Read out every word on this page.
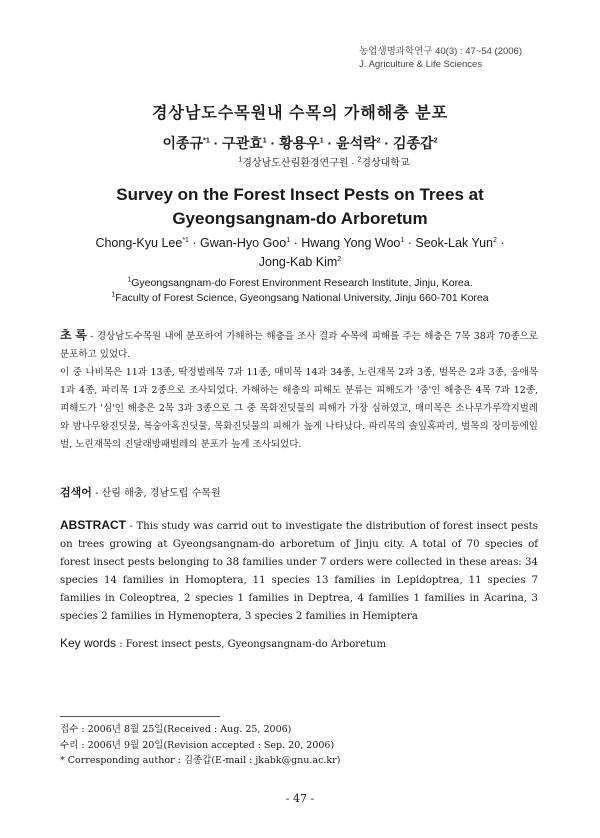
농업생명과학연구 40(3) : 47~54 (2006)
J. Agriculture & Life Sciences
경상남도수목원내 수목의 가해해충 분포
이종규$^{*1}$ · 구관효$^1$ · 황용우$^1$ · 윤석락$^2$ · 김종갑$^2$
$^1$경상남도산림환경연구원 · $^2$경상대학교
Survey on the Forest Insect Pests on Trees at Gyeongsangnam-do Arboretum
Chong-Kyu Lee$^{*1}$ · Gwan-Hyo Goo$^1$ · Hwang Yong Woo$^1$ · Seok-Lak Yun$^2$ ·
Jong-Kab Kim$^2$
$^1$Gyeongsangnam-do Forest Environment Research Institute, Jinju, Korea.
$^1$Faculty of Forest Science, Gyeongsang National University, Jinju 660-701 Korea
초 록 - 경상남도수목원 내에 분포하여 가해하는 해충을 조사 결과 수목에 피해를 주는 해충은 7목 38과 70종으로 분포하고 있었다.
이 중 나비목은 11과 13종, 딱정벌레목 7과 11종, 매미목 14과 34종, 노린재목 2과 3종, 벌목은 2과 3종, 응애목 1과 4종, 파리목 1과 2종으로 조사되었다. 가해하는 해충의 피해도 분류는 피해도가 '중'인 해충은 4목 7과 12종, 피해도가 '심'인 해충은 2목 3과 3종으로 그 중 목화진딧물의 피해가 가장 심하였고, 매미목은 소나무가루깍지벌레와 밤나무왕진딧물, 복숭아혹진딧물, 목화진딧물의 피해가 높게 나타났다. 파리목의 솔잎혹파리, 벌목의 장미등에잎벌, 노린재목의 진달래방패벌레의 분포가 높게 조사되었다.
검색어 - 산림 해충, 경남도립 수목원
ABSTRACT - This study was carrid out to investigate the distribution of forest insect pests on trees growing at Gyeongsangnam-do arboretum of Jinju city. A total of 70 species of forest insect pests belonging to 38 families under 7 orders were collected in these areas: 34 species 14 families in Homoptera, 11 species 13 families in Lepidoptrea, 11 species 7 families in Coleoptrea, 2 species 1 families in Deptrea, 4 families 1 families in Acarina, 3 species 2 families in Hymenoptera, 3 species 2 families in Hemiptera
Key words : Forest insect pests, Gyeongsangnam-do Arboretum
접수 : 2006년 8월 25일(Received : Aug. 25, 2006)
수리 : 2006년 9월 20일(Revision accepted : Sep. 20, 2006)
* Corresponding author : 김종갑(E-mail : jkabk@gnu.ac.kr)
- 47 -
